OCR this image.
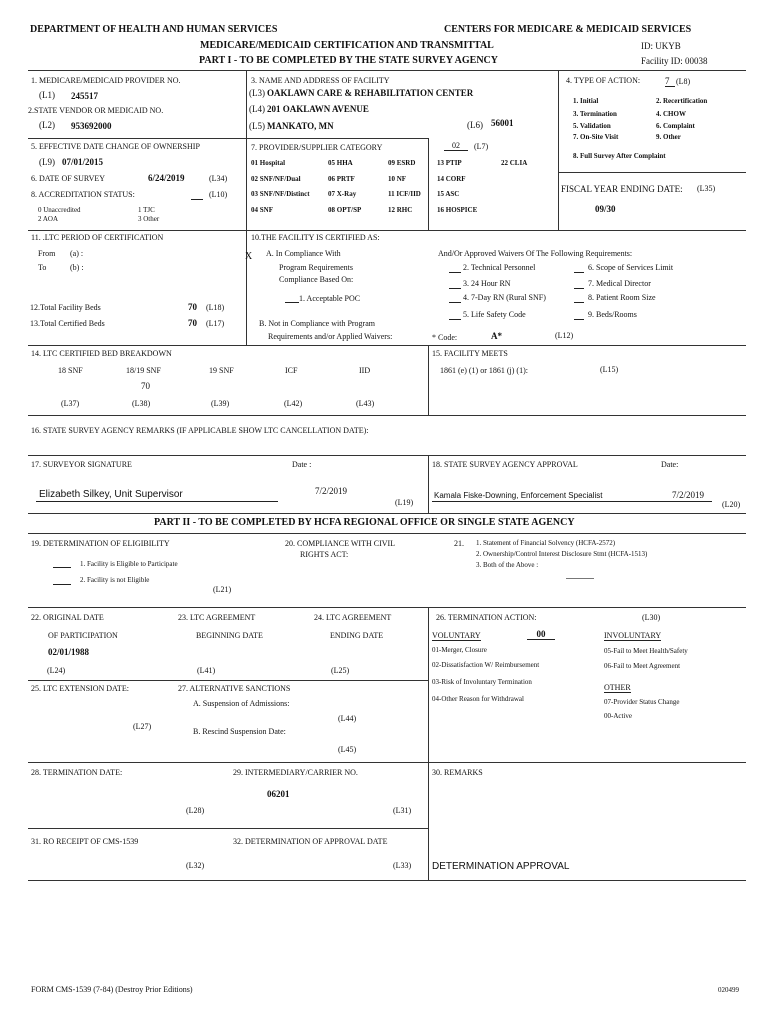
DEPARTMENT OF HEALTH AND HUMAN SERVICES	CENTERS FOR MEDICARE & MEDICAID SERVICES
MEDICARE/MEDICAID CERTIFICATION AND TRANSMITTAL	ID: UKYB
PART I - TO BE COMPLETED BY THE STATE SURVEY AGENCY	Facility ID: 00038
1. MEDICARE/MEDICAID PROVIDER NO.
(L1) 245517
2.STATE VENDOR OR MEDICAID NO.
(L2) 953692000
3. NAME AND ADDRESS OF FACILITY
(L3) OAKLAWN CARE & REHABILITATION CENTER
(L4) 201 OAKLAWN AVENUE
(L5) MANKATO, MN	(L6) 56001
4. TYPE OF ACTION:	7 (L8)
1. Initial	2. Recertification
3. Termination	4. CHOW
5. Validation	6. Complaint
7. On-Site Visit	9. Other
8. Full Survey After Complaint
5. EFFECTIVE DATE CHANGE OF OWNERSHIP
(L9) 07/01/2015
6. DATE OF SURVEY	6/24/2019	(L34)
8. ACCREDITATION STATUS:	(L10)
0 Unaccredited	1 TJC
2 AOA	3 Other
7. PROVIDER/SUPPLIER CATEGORY	02	(L7)
01 Hospital	05 HHA	09 ESRD	13 PTIP	22 CLIA
02 SNF/NF/Dual	06 PRTF	10 NF	14 CORF
03 SNF/NF/Distinct	07 X-Ray	11 ICF/IID 15 ASC
04 SNF	08 OPT/SP	12 RHC	16 HOSPICE
FISCAL YEAR ENDING DATE: (L35)
09/30
11. .LTC PERIOD OF CERTIFICATION
From (a) :
To	(b) :
12.Total Facility Beds	70 (L18)
13.Total Certified Beds	70 (L17)
10.THE FACILITY IS CERTIFIED AS:
X A. In Compliance With
Program Requirements
Compliance Based On:
1. Acceptable POC
B. Not in Compliance with Program
Requirements and/or Applied Waivers:
And/Or Approved Waivers Of The Following Requirements:
2. Technical Personnel	6. Scope of Services Limit
3. 24 Hour RN	7. Medical Director
4. 7-Day RN (Rural SNF)	8. Patient Room Size
5. Life Safety Code	9. Beds/Rooms
* Code:	A*	(L12)
14. LTC CERTIFIED BED BREAKDOWN
18 SNF	18/19 SNF	19 SNF	ICF	IID
70
(L37)	(L38)	(L39)	(L42)	(L43)
15. FACILITY MEETS
1861 (e) (1) or 1861 (j) (1):	(L15)
16. STATE SURVEY AGENCY REMARKS (IF APPLICABLE SHOW LTC CANCELLATION DATE):
17. SURVEYOR SIGNATURE	Date :
Elizabeth Silkey, Unit Supervisor	7/2/2019
(L19)
18. STATE SURVEY AGENCY APPROVAL	Date:
Kamala Fiske-Downing, Enforcement Specialist	7/2/2019
(L20)
PART II - TO BE COMPLETED BY HCFA REGIONAL OFFICE OR SINGLE STATE AGENCY
19. DETERMINATION OF ELIGIBILITY
1. Facility is Eligible to Participate
2. Facility is not Eligible
(L21)
20. COMPLIANCE WITH CIVIL
RIGHTS ACT:
21. 1. Statement of Financial Solvency (HCFA-2572)
2. Ownership/Control Interest Disclosure Stmt (HCFA-1513)
3. Both of the Above :
22. ORIGINAL DATE
OF PARTICIPATION
02/01/1988
(L24)
23. LTC AGREEMENT
BEGINNING DATE
(L41)
24. LTC AGREEMENT
ENDING DATE
(L25)
26. TERMINATION ACTION:	(L30)
VOLUNTARY	00	INVOLUNTARY
01-Merger, Closure	05-Fail to Meet Health/Safety
02-Dissatisfaction W/ Reimbursement	06-Fail to Meet Agreement
03-Risk of Involuntary Termination
OTHER
04-Other Reason for Withdrawal	07-Provider Status Change
00-Active
25. LTC EXTENSION DATE:
(L27)
27. ALTERNATIVE SANCTIONS
A. Suspension of Admissions:
(L44)
B. Rescind Suspension Date:
(L45)
28. TERMINATION DATE:
(L28)
29. INTERMEDIARY/CARRIER NO.
06201
(L31)
30. REMARKS
31. RO RECEIPT OF CMS-1539
(L32)
32. DETERMINATION OF APPROVAL DATE
(L33) DETERMINATION APPROVAL
FORM CMS-1539 (7-84) (Destroy Prior Editions)	020499
